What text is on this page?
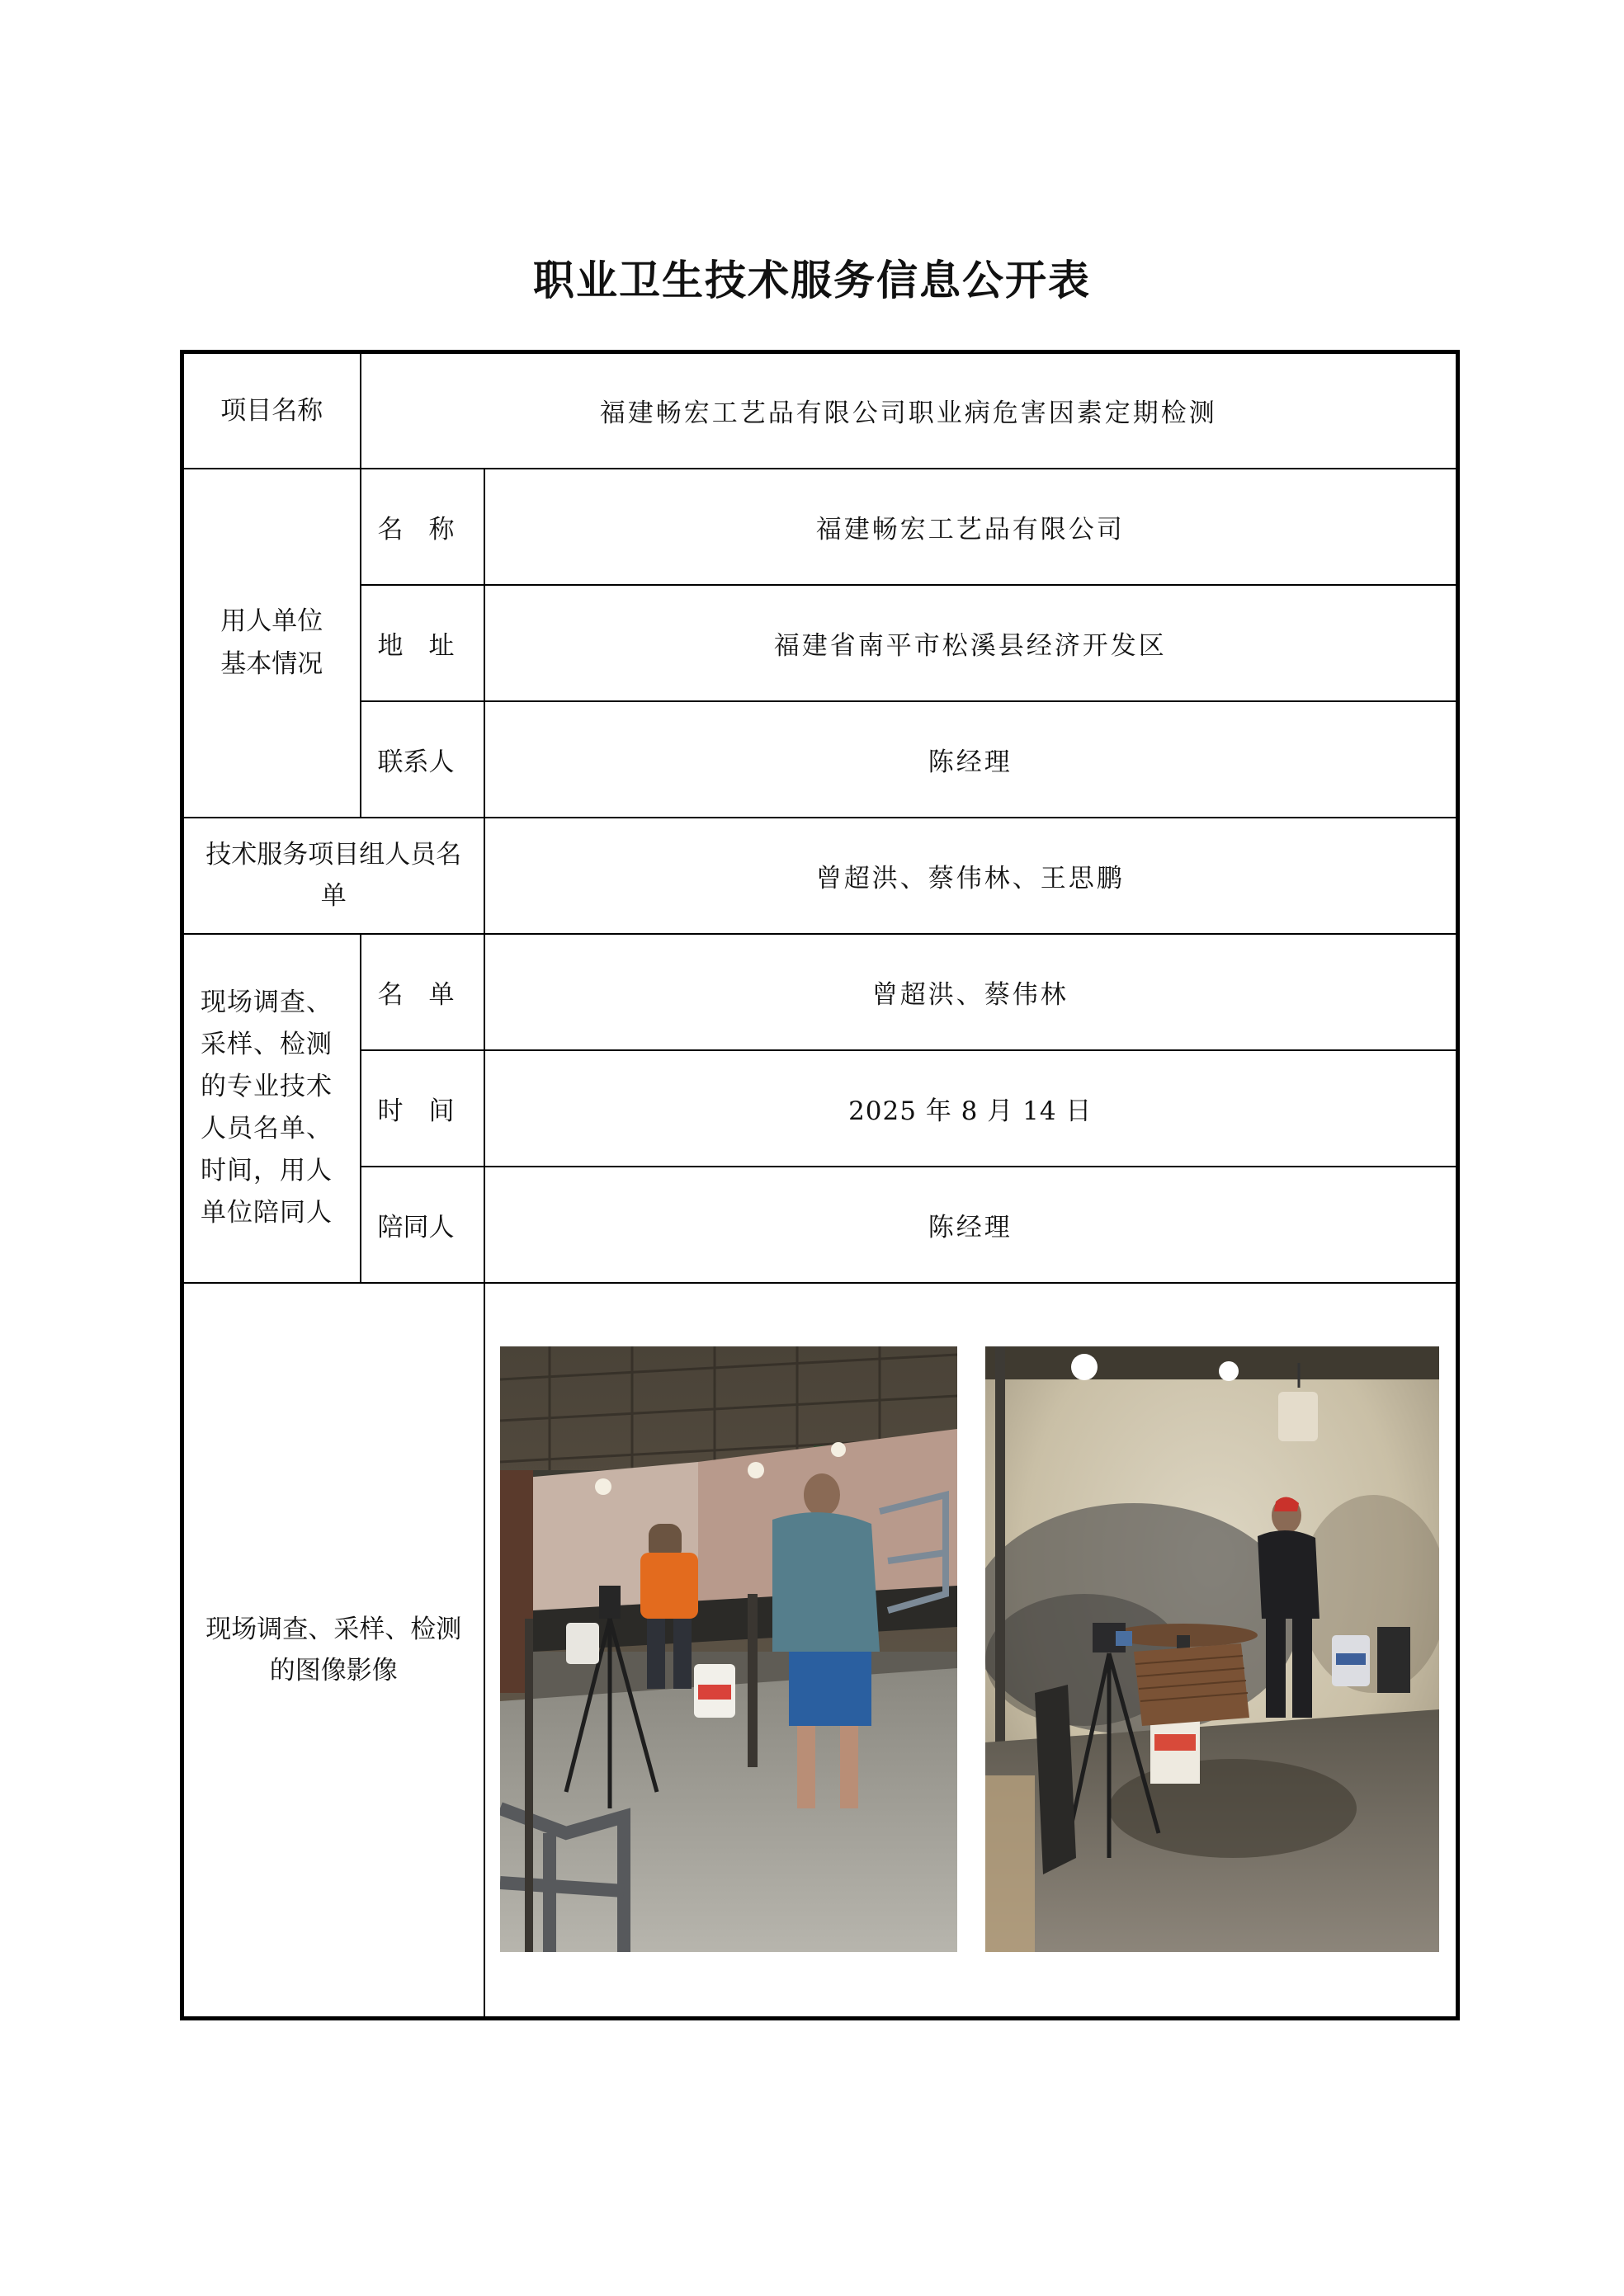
职业卫生技术服务信息公开表
项目名称	福建畅宏工艺品有限公司职业病危害因素定期检测	

用人单位基本情况	名　称	福建畅宏工艺品有限公司
	地　址	福建省南平市松溪县经济开发区
	联系人	陈经理

技术服务项目组人员名单		曾超洪、蔡伟林、王思鹏
现场调查、采样、检测的专业技术人员名单、时间，用人单位陪同人	名　单	曾超洪、蔡伟林
	时　间	2025 年 8 月 14 日
	陪同人	陈经理

现场调查、采样、检测的图像影像
